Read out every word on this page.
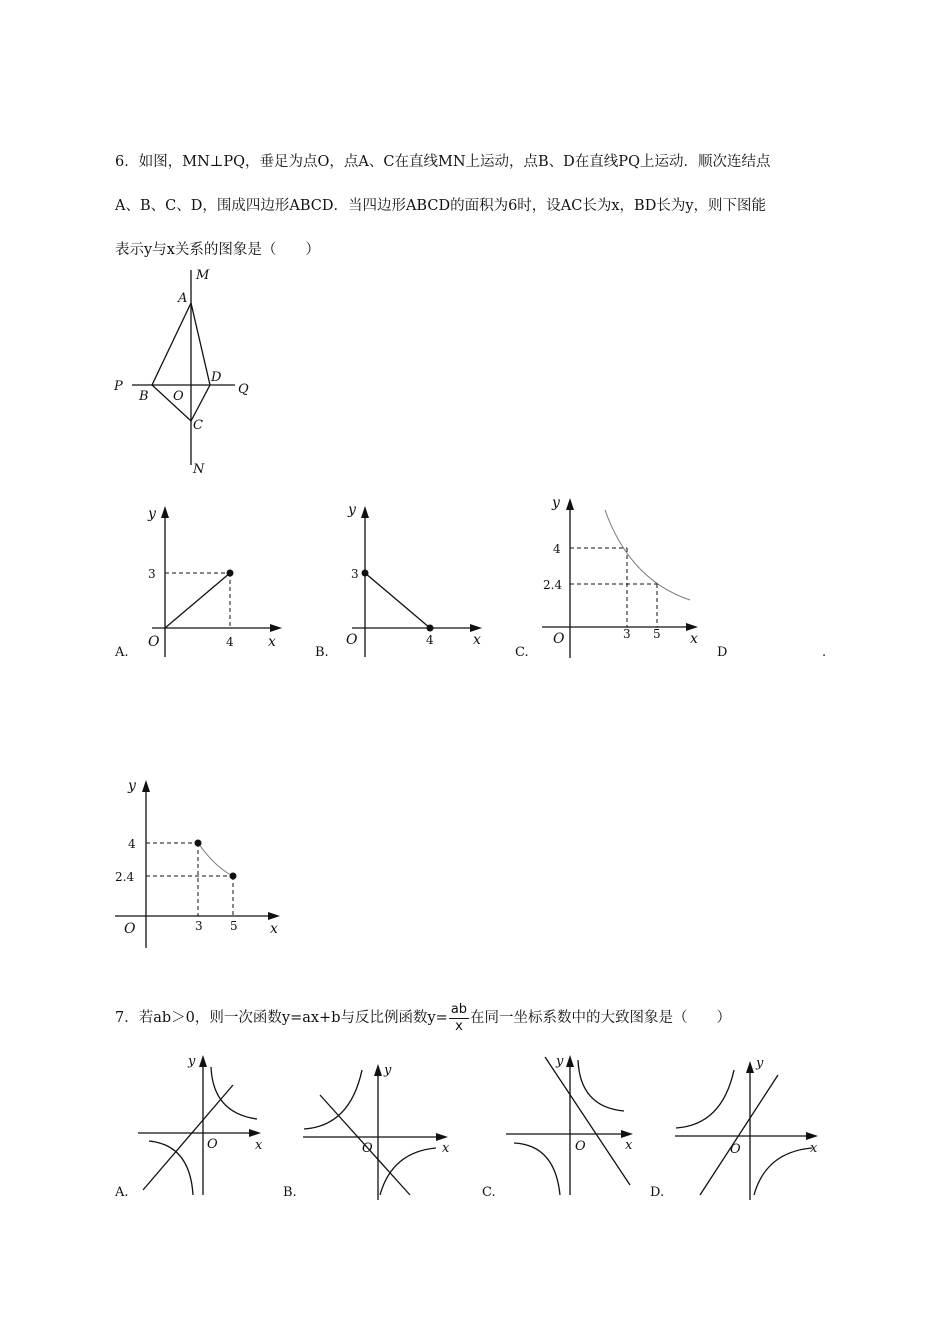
6．如图，MN⊥PQ，垂足为点O，点A、C在直线MN上运动，点B、D在直线PQ上运动．顺次连结点
A、B、C、D，围成四边形ABCD．当四边形ABCD的面积为6时，设AC长为x，BD长为y，则下图能
表示y与x关系的图象是（　　）
M
A
P
B O
D
Q
C
N
y
x
O
3
4
A.
y
x
O
3
4
B.
y
x
O
4
2.4
3 5
C.	D	.
y
x
O
4
2.4
3 5
7．若ab＞0，则一次函数y=ax+b与反比例函数$y= \frac{ab}{x}$ 在同一坐标系数中的大致图象是（　　）
y
x
O
A.
y
x
O
B.
y
x
O
C.
y
x
O
D.
